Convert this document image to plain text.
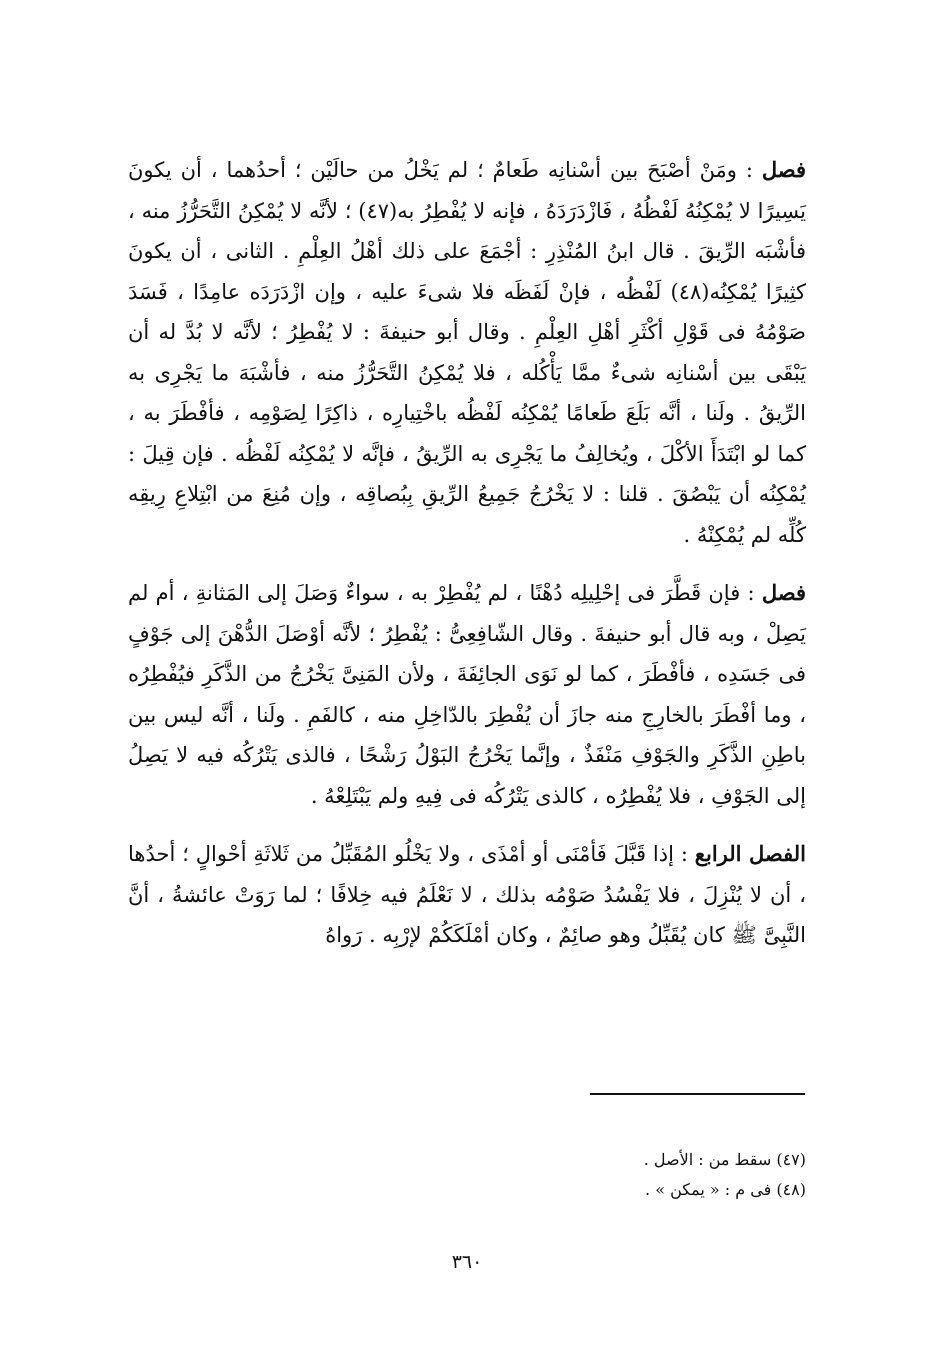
فصل : ومَنْ أصْبَحَ بين أسْنانِه طَعامٌ ؛ لم يَخْلُ من حالَيْن ؛ أحدُهما ، أن يكونَ يَسِيرًا لا يُمْكِنُهُ لَفْظُهُ ، فَازْدَرَدَهُ ، فإنه لا يُفْطِرُ به(٤٧) ؛ لأنَّه لا يُمْكِنُ التَّحَرُّزُ منه ، فأشْبَه الرِّيقَ . قال ابنُ المُنْذِرِ : أجْمَعَ على ذلك أهْلُ العِلْمِ . الثانى ، أن يكونَ كثِيرًا يُمْكِنُه(٤٨) لَفْظُه ، فإنْ لَفَظَه فلا شىءَ عليه ، وإن ازْدَرَدَه عامِدًا ، فَسَدَ صَوْمُهُ فى قَوْلِ أكْثَرِ أهْلِ العِلْمِ . وقال أبو حنيفةَ : لا يُفْطِرُ ؛ لأنَّه لا بُدَّ له أن يَبْقَى بين أسْنانِه شىءٌ ممَّا يَأْكُله ، فلا يُمْكِنُ التَّحَرُّزُ منه ، فأشْبَهَ ما يَجْرِى به الرِّيقُ . ولَنا ، أنَّه بَلَعَ طَعامًا يُمْكِنُه لَفْظُه باخْتِيارِه ، ذاكِرًا لِصَوْمِه ، فأفْطَرَ به ، كما لو ابْتَدَأَ الأكْلَ ، ويُخالِفُ ما يَجْرِى به الرِّيقُ ، فإنَّه لا يُمْكِنُه لَفْظُه . فإن قِيلَ : يُمْكِنُه أن يَبْصُقَ . قلنا : لا يَخْرُجُ جَمِيعُ الرِّيقِ بِبُصاقِه ، وإن مُنِعَ من ابْتِلاعِ رِيقِه كُلِّه لم يُمْكِنْهُ .

فصل : فإن قَطَّرَ فى إحْلِيلِه دُهْنًا ، لم يُفْطِرْ به ، سواءٌ وَصَلَ إلى المَثانةِ ، أم لم يَصِلْ ، وبه قال أبو حنيفةَ . وقال الشّافِعِىُّ : يُفْطِرُ ؛ لأنَّه أوْصَلَ الدُّهْنَ إلى جَوْفٍ فى جَسَدِه ، فأفْطَرَ ، كما لو نَوَى الجائِفَةَ ، ولأن المَنِىَّ يَخْرُجُ من الذَّكَرِ فيُفْطِرُه ، وما أفْطَرَ بالخارِجِ منه جازَ أن يُفْطِرَ بالدّاخِلِ منه ، كالفَمِ . ولَنا ، أنَّه ليس بين باطِنِ الذَّكَرِ والجَوْفِ مَنْفَذٌ ، وإنَّما يَخْرُجُ البَوْلُ رَشْحًا ، فالذى يَتْرُكُه فيه لا يَصِلُ إلى الجَوْفِ ، فلا يُفْطِرُه ، كالذى يَتْرُكُه فى فِيهِ ولم يَبْتَلِعْهُ .

الفصل الرابع : إذا قَبَّلَ فَأمْنَى أو أمْذَى ، ولا يَخْلُو المُقَبِّلُ من ثَلاثَةِ أحْوالٍ ؛ أحدُها ، أن لا يُنْزِلَ ، فلا يَفْسُدُ صَوْمُه بذلك ، لا نَعْلَمُ فيه خِلافًا ؛ لما رَوَتْ عائشةُ ، أنَّ النَّبِىَّ ﷺ كان يُقَبِّلُ وهو صائِمٌ ، وكان أمْلَكَكُمْ لإرْبِه . رَواهُ

(٤٧) سقط من : الأصل .
(٤٨) فى م : « يمكن » .
٣٦٠
